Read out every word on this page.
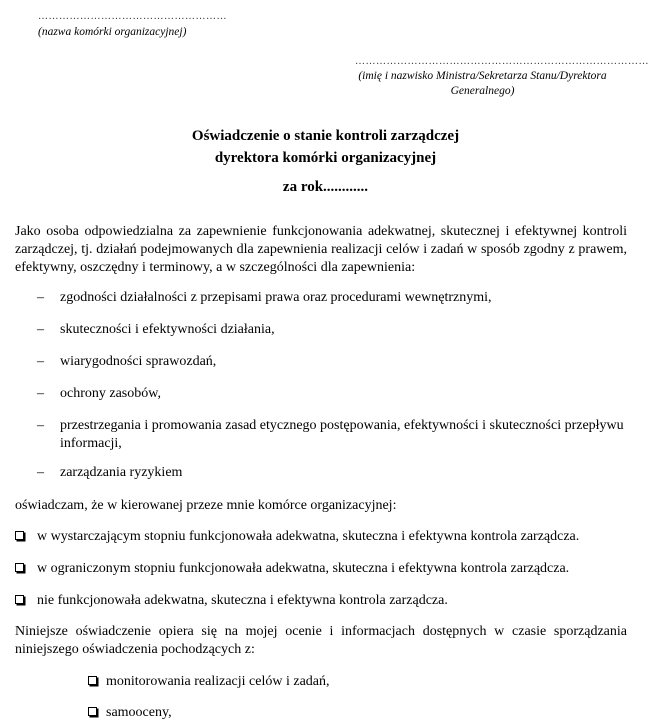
………………………………………………
(nazwa komórki organizacyjnej)
…………………………………………………………………………
(imię i nazwisko Ministra/Sekretarza Stanu/Dyrektora
Generalnego)
Oświadczenie o stanie kontroli zarządczej
dyrektora komórki organizacyjnej
za rok............
Jako osoba odpowiedzialna za zapewnienie funkcjonowania adekwatnej, skutecznej i efektywnej kontroli zarządczej, tj. działań podejmowanych dla zapewnienia realizacji celów i zadań w sposób zgodny z prawem, efektywny, oszczędny i terminowy, a w szczególności dla zapewnienia:
– zgodności działalności z przepisami prawa oraz procedurami wewnętrznymi,
– skuteczności i efektywności działania,
– wiarygodności sprawozdań,
– ochrony zasobów,
– przestrzegania i promowania zasad etycznego postępowania, efektywności i skuteczności przepływu informacji,
– zarządzania ryzykiem
oświadczam, że w kierowanej przeze mnie komórce organizacyjnej:
w wystarczającym stopniu funkcjonowała adekwatna, skuteczna i efektywna kontrola zarządcza.
w ograniczonym stopniu funkcjonowała adekwatna, skuteczna i efektywna kontrola zarządcza.
nie funkcjonowała adekwatna, skuteczna i efektywna kontrola zarządcza.
Niniejsze oświadczenie opiera się na mojej ocenie i informacjach dostępnych w czasie sporządzania niniejszego oświadczenia pochodzących z:
monitorowania realizacji celów i zadań,
samooceny,
